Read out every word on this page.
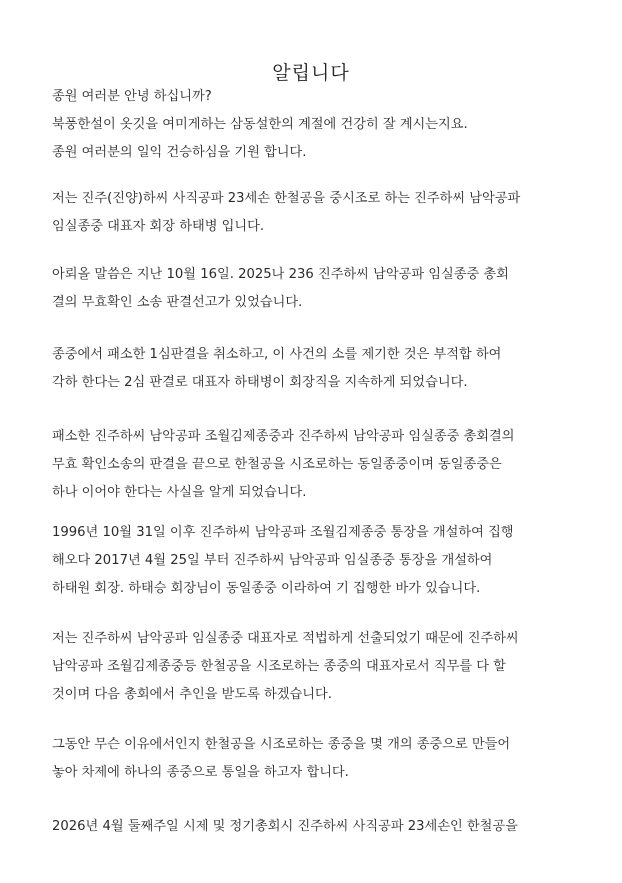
알립니다
종원 여러분 안녕 하십니까?
북풍한설이 옷깃을 여미게하는 삼동설한의 계절에 건강히 잘 계시는지요.
종원 여러분의 일익 건승하심을 기원 합니다.
저는 진주(진양)하씨 사직공파 23세손 한철공을 중시조로 하는 진주하씨 남악공파
임실종중 대표자 회장 하태병 입니다.
아뢰올 말씀은 지난 10월 16일. 2025나 236 진주하씨 남악공파 임실종중 총회
결의 무효확인 소송 판결선고가 있었습니다.
종중에서 패소한 1심판결을 취소하고, 이 사건의 소를 제기한 것은 부적합 하여
각하 한다는 2심 판결로 대표자 하태병이 회장직을 지속하게 되었습니다.
패소한 진주하씨 남악공파 조월김제종중과 진주하씨 남악공파 임실종중 총회결의
무효 확인소송의 판결을 끝으로 한철공을 시조로하는 동일종중이며 동일종중은
하나 이어야 한다는 사실을 알게 되었습니다.
1996년 10월 31일 이후 진주하씨 남악공파 조월김제종중 통장을 개설하여 집행
해오다 2017년 4월 25일 부터 진주하씨 남악공파 임실종중 통장을 개설하여
하태원 회장. 하태승 회장님이 동일종중 이라하여 기 집행한 바가 있습니다.
저는 진주하씨 남악공파 임실종중 대표자로 적법하게 선출되었기 때문에 진주하씨
남악공파 조월김제종중등 한철공을 시조로하는 종중의 대표자로서 직무를 다 할
것이며 다음 총회에서 추인을 받도록 하겠습니다.
그동안 무슨 이유에서인지 한철공을 시조로하는 종중을 몇 개의 종중으로 만들어
놓아 차제에 하나의 종중으로 통일을 하고자 합니다.
2026년 4월 둘째주일 시제 및 정기총회시 진주하씨 사직공파 23세손인 한철공을
